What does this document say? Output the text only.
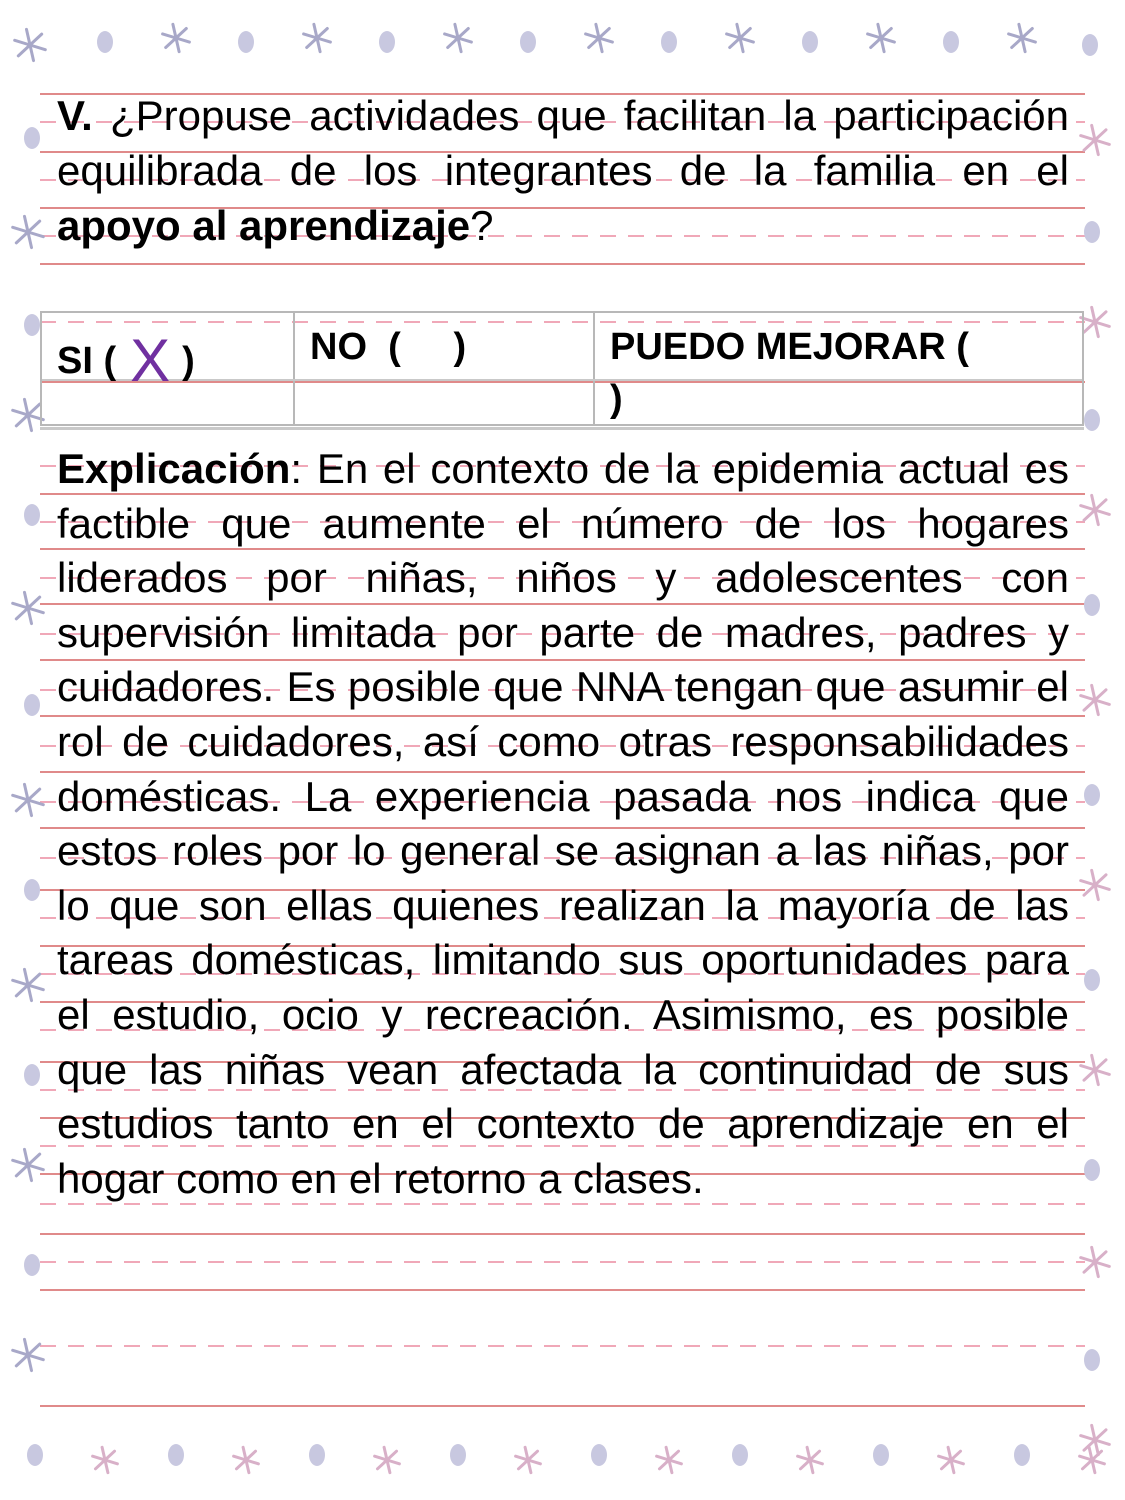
V. ¿Propuse actividades que facilitan la participación equilibrada de los integrantes de la familia en el apoyo al aprendizaje?
SI ( X )	NO  (     )	PUEDO MEJORAR (
)
Explicación: En el contexto de la epidemia actual es factible que aumente el número de los hogares liderados por niñas, niños y adolescentes con supervisión limitada por parte de madres, padres y cuidadores. Es posible que NNA tengan que asumir el rol de cuidadores, así como otras responsabilidades domésticas. La experiencia pasada nos indica que estos roles por lo general se asignan a las niñas, por lo que son ellas quienes realizan la mayoría de las tareas domésticas, limitando sus oportunidades para el estudio, ocio y recreación. Asimismo, es posible que las niñas vean afectada la continuidad de sus estudios tanto en el contexto de aprendizaje en el hogar como en el retorno a clases.
